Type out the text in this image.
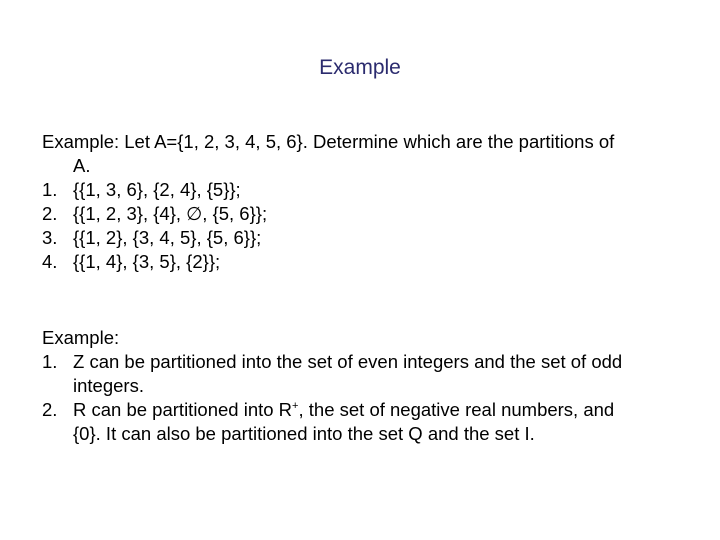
Example
Example: Let A={1, 2, 3, 4, 5, 6}. Determine which are the partitions of
A.
1. {{1, 3, 6}, {2, 4}, {5}};
2. {{1, 2, 3}, {4}, ∅, {5, 6}};
3. {{1, 2}, {3, 4, 5}, {5, 6}};
4. {{1, 4}, {3, 5}, {2}};
Example:
1. Z can be partitioned into the set of even integers and the set of odd
integers.
2. R can be partitioned into R+, the set of negative real numbers, and
{0}. It can also be partitioned into the set Q and the set I.
